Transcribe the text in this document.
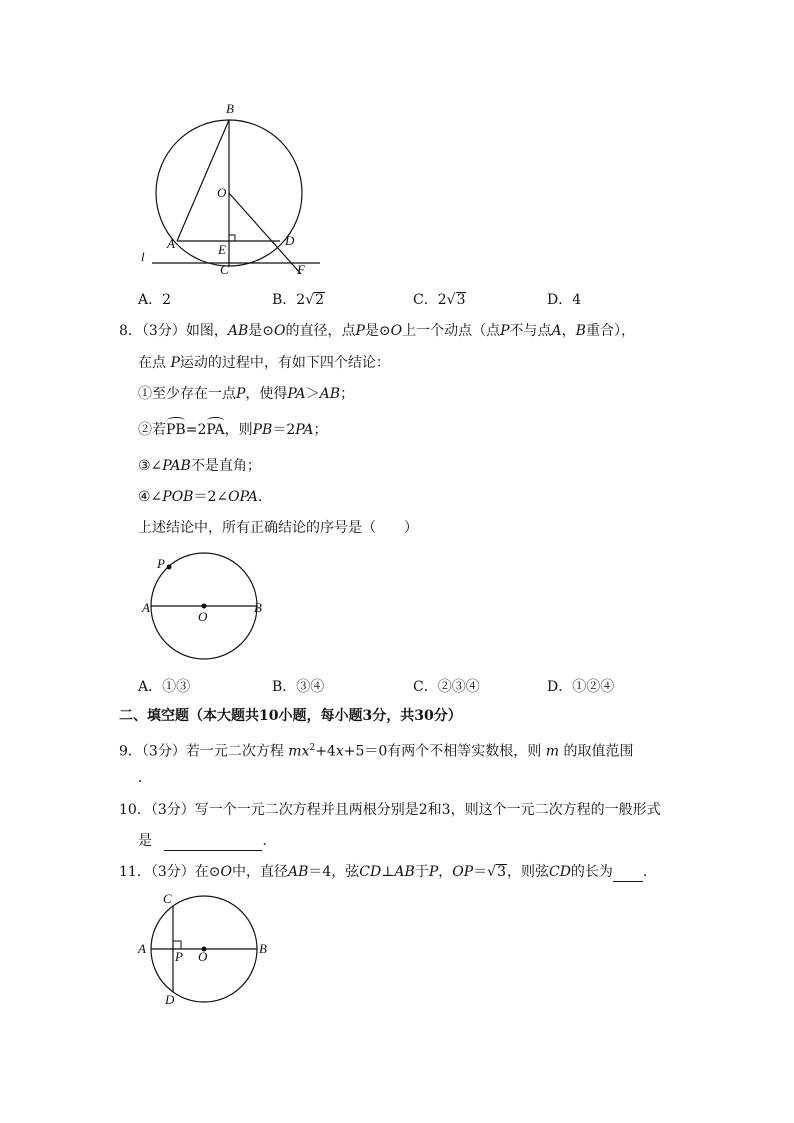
B
O
A	E
D
l
C	F
A．2	B．2√2	C．2√3	D．4
8．（3分）如图，AB是⊙O的直径，点P是⊙O上一个动点（点P不与点A，B重合），
在点 P运动的过程中，有如下四个结论：
①至少存在一点P，使得PA＞AB；
②若PB=2PA，则PB＝2PA；
③∠PAB不是直角；
④∠POB＝2∠OPA.
上述结论中，所有正确结论的序号是（　　）
P
A
O
B
A．①③	B．③④	C．②③④	D．①②④
二、填空题（本大题共10小题，每小题3分，共30分）
9．（3分）若一元二次方程 $mx^2+4x+5=0$有两个不相等实数根，则 m 的取值范围
．
10．（3分）写一个一元二次方程并且两根分别是2和3，则这个一元二次方程的一般形式
是	．
11．（3分）在⊙O中，直径AB＝4，弦CD⊥AB于P，OP＝√3，则弦CD的长为 ．
C
A
P O
B
D
